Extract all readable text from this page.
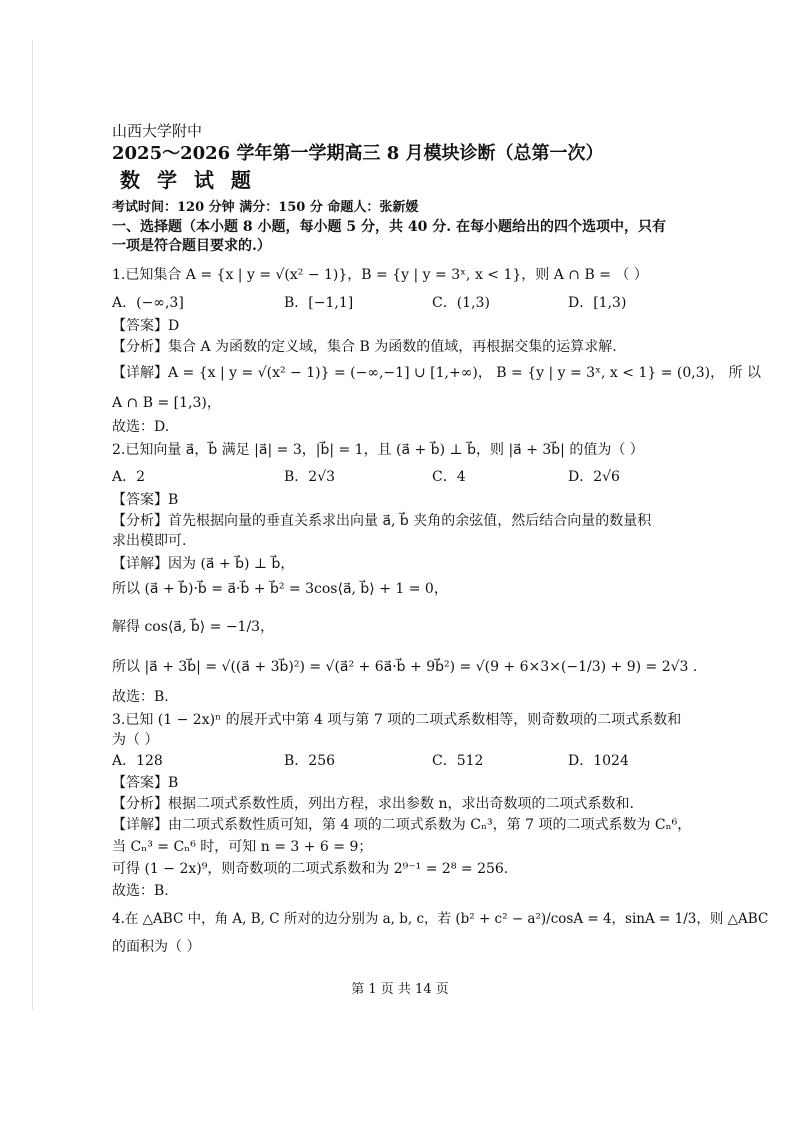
山西大学附中
2025～2026 学年第一学期高三 8 月模块诊断（总第一次）
数 学 试 题
考试时间：120 分钟 满分：150 分 命题人：张新媛
一、选择题（本小题 8 小题，每小题 5 分，共 40 分. 在每小题给出的四个选项中，只有
一项是符合题目要求的.）
1.已知集合 A = {x | y = √(x² − 1)}，B = {y | y = 3ˣ, x < 1}，则 A ∩ B = （ ）
A．(−∞,3]	B．[−1,1]	C．(1,3)	D．[1,3)
【答案】D
【分析】集合 A 为函数的定义域，集合 B 为函数的值域，再根据交集的运算求解.
【详解】A = {x | y = √(x² − 1)} = (−∞,−1] ∪ [1,+∞)， B = {y | y = 3ˣ, x < 1} = (0,3)， 所 以
A ∩ B = [1,3)，
故选：D.
2.已知向量 a⃗，b⃗ 满足 |a⃗| = 3，|b⃗| = 1，且 (a⃗ + b⃗) ⊥ b⃗，则 |a⃗ + 3b⃗| 的值为（ ）
A．2	B．2√3	C．4	D．2√6
【答案】B
【分析】首先根据向量的垂直关系求出向量 a⃗, b⃗ 夹角的余弦值，然后结合向量的数量积
求出模即可.
【详解】因为 (a⃗ + b⃗) ⊥ b⃗，
所以 (a⃗ + b⃗)·b⃗ = a⃗·b⃗ + b⃗² = 3cos⟨a⃗, b⃗⟩ + 1 = 0，
解得 cos⟨a⃗, b⃗⟩ = −1/3，
所以 |a⃗ + 3b⃗| = √((a⃗ + 3b⃗)²) = √(a⃗² + 6a⃗·b⃗ + 9b⃗²) = √(9 + 6×3×(−1/3) + 9) = 2√3 .
故选：B.
3.已知 (1 − 2x)ⁿ 的展开式中第 4 项与第 7 项的二项式系数相等，则奇数项的二项式系数和
为（ ）
A．128	B．256	C．512	D．1024
【答案】B
【分析】根据二项式系数性质，列出方程，求出参数 n，求出奇数项的二项式系数和.
【详解】由二项式系数性质可知，第 4 项的二项式系数为 Cₙ³，第 7 项的二项式系数为 Cₙ⁶，
当 Cₙ³ = Cₙ⁶ 时，可知 n = 3 + 6 = 9；
可得 (1 − 2x)⁹，则奇数项的二项式系数和为 2⁹⁻¹ = 2⁸ = 256.
故选：B.
4.在 △ABC 中，角 A, B, C 所对的边分别为 a, b, c，若 (b² + c² − a²)/cosA = 4，sinA = 1/3，则 △ABC
的面积为（ ）
第 1 页 共 14 页
